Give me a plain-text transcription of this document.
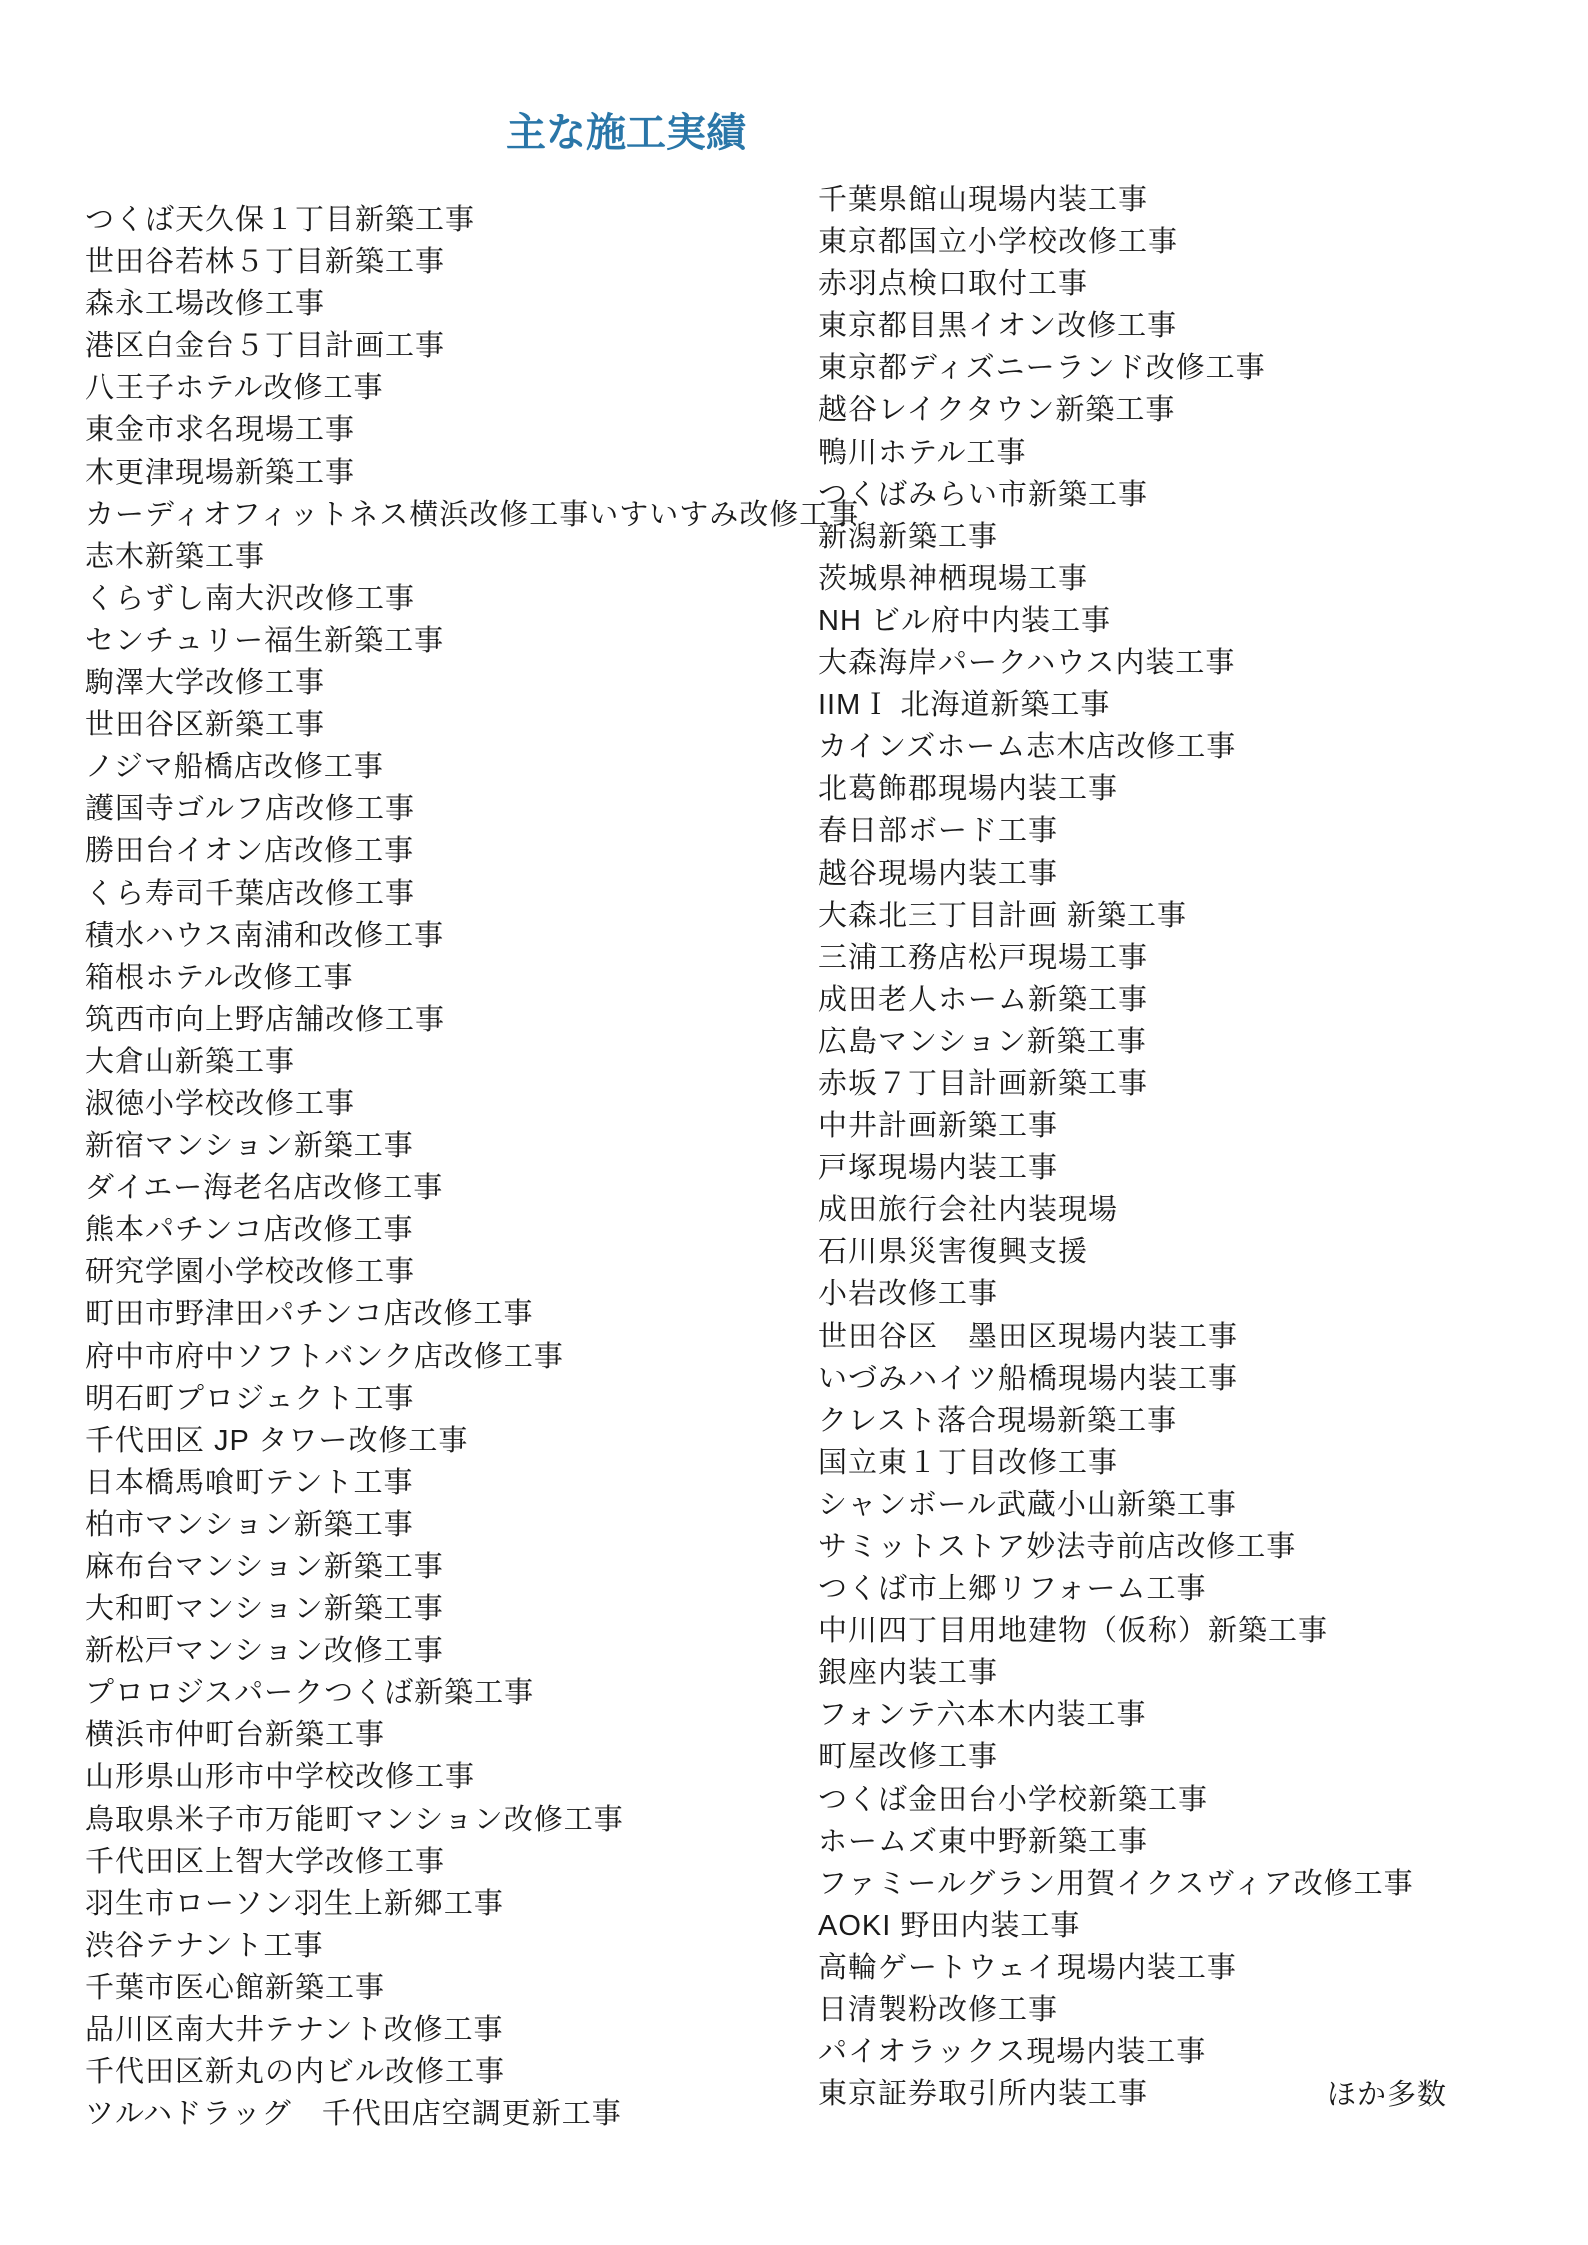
主な施工実績
つくば天久保１丁目新築工事
世田谷若林５丁目新築工事
森永工場改修工事
港区白金台５丁目計画工事
八王子ホテル改修工事
東金市求名現場工事
木更津現場新築工事
カーディオフィットネス横浜改修工事いすいすみ改修工事
志木新築工事
くらずし南大沢改修工事
センチュリー福生新築工事
駒澤大学改修工事
世田谷区新築工事
ノジマ船橋店改修工事
護国寺ゴルフ店改修工事
勝田台イオン店改修工事
くら寿司千葉店改修工事
積水ハウス南浦和改修工事
箱根ホテル改修工事
筑西市向上野店舗改修工事
大倉山新築工事
淑徳小学校改修工事
新宿マンション新築工事
ダイエー海老名店改修工事
熊本パチンコ店改修工事
研究学園小学校改修工事
町田市野津田パチンコ店改修工事
府中市府中ソフトバンク店改修工事
明石町プロジェクト工事
千代田区 JP タワー改修工事
日本橋馬喰町テント工事
柏市マンション新築工事
麻布台マンション新築工事
大和町マンション新築工事
新松戸マンション改修工事
プロロジスパークつくば新築工事
横浜市仲町台新築工事
山形県山形市中学校改修工事
鳥取県米子市万能町マンション改修工事
千代田区上智大学改修工事
羽生市ローソン羽生上新郷工事
渋谷テナント工事
千葉市医心館新築工事
品川区南大井テナント改修工事
千代田区新丸の内ビル改修工事
ツルハドラッグ　千代田店空調更新工事
千葉県館山現場内装工事
東京都国立小学校改修工事
赤羽点検口取付工事
東京都目黒イオン改修工事
東京都ディズニーランド改修工事
越谷レイクタウン新築工事
鴨川ホテル工事
つくばみらい市新築工事
新潟新築工事
茨城県神栖現場工事
NH ビル府中内装工事
大森海岸パークハウス内装工事
IIMＩ 北海道新築工事
カインズホーム志木店改修工事
北葛飾郡現場内装工事
春日部ボード工事
越谷現場内装工事
大森北三丁目計画 新築工事
三浦工務店松戸現場工事
成田老人ホーム新築工事
広島マンション新築工事
赤坂７丁目計画新築工事
中井計画新築工事
戸塚現場内装工事
成田旅行会社内装現場
石川県災害復興支援
小岩改修工事
世田谷区　墨田区現場内装工事
いづみハイツ船橋現場内装工事
クレスト落合現場新築工事
国立東１丁目改修工事
シャンボール武蔵小山新築工事
サミットストア妙法寺前店改修工事
つくば市上郷リフォーム工事
中川四丁目用地建物（仮称）新築工事
銀座内装工事
フォンテ六本木内装工事
町屋改修工事
つくば金田台小学校新築工事
ホームズ東中野新築工事
ファミールグラン用賀イクスヴィア改修工事
AOKI 野田内装工事
高輪ゲートウェイ現場内装工事
日清製粉改修工事
パイオラックス現場内装工事
東京証券取引所内装工事	ほか多数
